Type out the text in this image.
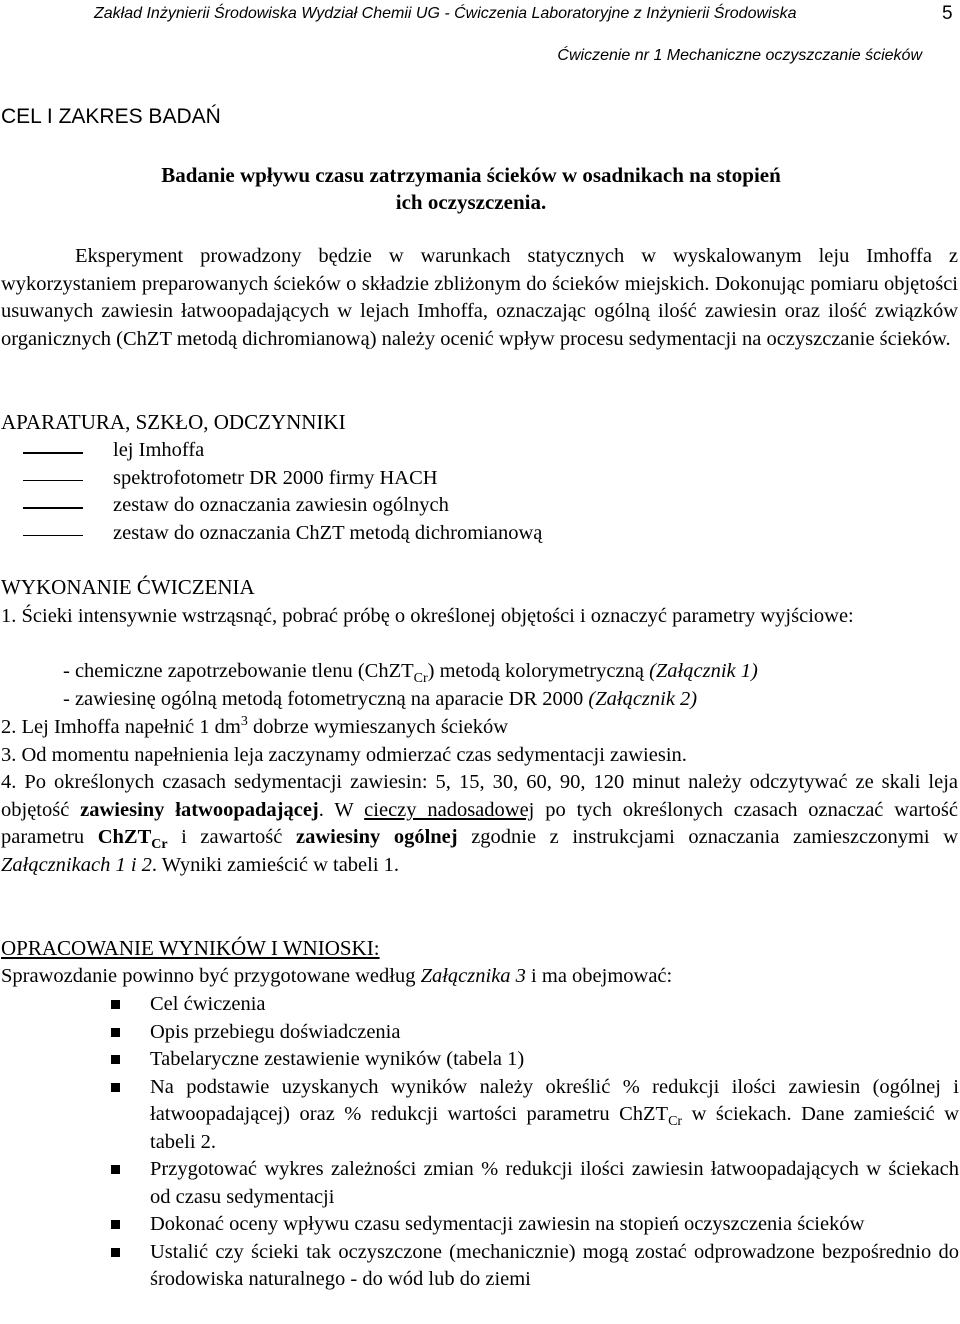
Zakład Inżynierii Środowiska Wydział Chemii UG - Ćwiczenia Laboratoryjne z Inżynierii Środowiska	5
Ćwiczenie nr 1 Mechaniczne oczyszczanie ścieków
CEL I ZAKRES BADAŃ
Badanie wpływu czasu zatrzymania ścieków w osadnikach na stopień ich oczyszczenia.
Eksperyment prowadzony będzie w warunkach statycznych w wyskalowanym leju Imhoffa z wykorzystaniem preparowanych ścieków o składzie zbliżonym do ścieków miejskich. Dokonując pomiaru objętości usuwanych zawiesin łatwoopadających w lejach Imhoffa, oznaczając ogólną ilość zawiesin oraz ilość związków organicznych (ChZT metodą dichromianową) należy ocenić wpływ procesu sedymentacji na oczyszczanie ścieków.
APARATURA, SZKŁO, ODCZYNNIKI
lej Imhoffa
spektrofotometr DR 2000 firmy HACH
zestaw do oznaczania zawiesin ogólnych
zestaw do oznaczania ChZT metodą dichromianową
WYKONANIE ĆWICZENIA
1. Ścieki intensywnie wstrząsnąć, pobrać próbę o określonej objętości i oznaczyć parametry wyjściowe:
- chemiczne zapotrzebowanie tlenu (ChZT$_{Cr}$) metodą kolorymetryczną (Załącznik 1)
- zawiesinę ogólną metodą fotometryczną na aparacie DR 2000 (Załącznik 2)
2. Lej Imhoffa napełnić 1 $dm^3$ dobrze wymieszanych ścieków
3. Od momentu napełnienia leja zaczynamy odmierzać czas sedymentacji zawiesin.
4. Po określonych czasach sedymentacji zawiesin: 5, 15, 30, 60, 90, 120 minut należy odczytywać ze skali leja objętość zawiesiny łatwoopadającej. W cieczy nadosadowej po tych określonych czasach oznaczać wartość parametru ChZT$_{Cr}$ i zawartość zawiesiny ogólnej zgodnie z instrukcjami oznaczania zamieszczonymi w Załącznikach 1 i 2. Wyniki zamieścić w tabeli 1.
OPRACOWANIE WYNIKÓW I WNIOSKI:
Sprawozdanie powinno być przygotowane według Załącznika 3 i ma obejmować:
Cel ćwiczenia
Opis przebiegu doświadczenia
Tabelaryczne zestawienie wyników (tabela 1)
Na podstawie uzyskanych wyników należy określić % redukcji ilości zawiesin (ogólnej i łatwoopadającej) oraz % redukcji wartości parametru ChZT$_{Cr}$ w ściekach. Dane zamieścić w tabeli 2.
Przygotować wykres zależności zmian % redukcji ilości zawiesin łatwoopadających w ściekach od czasu sedymentacji
Dokonać oceny wpływu czasu sedymentacji zawiesin na stopień oczyszczenia ścieków
Ustalić czy ścieki tak oczyszczone (mechanicznie) mogą zostać odprowadzone bezpośrednio do środowiska naturalnego - do wód lub do ziemi
